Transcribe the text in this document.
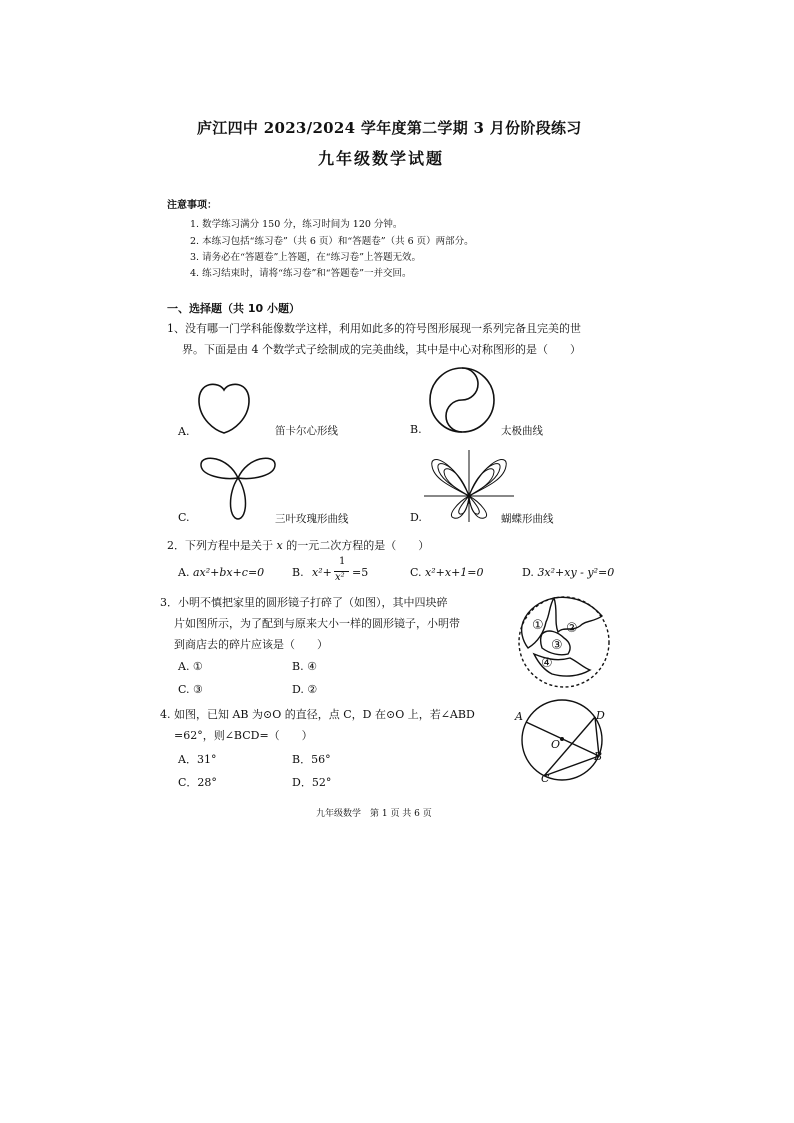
庐江四中 2023/2024 学年度第二学期 3 月份阶段练习
九年级数学试题
注意事项：
1. 数学练习满分 150 分，练习时间为 120 分钟。
2. 本练习包括“练习卷”（共 6 页）和“答题卷”（共 6 页）两部分。
3. 请务必在“答题卷”上答题，在“练习卷”上答题无效。
4. 练习结束时，请将“练习卷”和“答题卷”一并交回。
一、选择题（共 10 小题）
1、没有哪一门学科能像数学这样，利用如此多的符号图形展现一系列完备且完美的世
界。下面是由 4 个数学式子绘制成的完美曲线，其中是中心对称图形的是（　　）
A.	笛卡尔心形线	B.	太极曲线
C.	三叶玫瑰形曲线	D.	蝴蝶形曲线
2．下列方程中是关于 x 的一元二次方程的是（　　）
A. ax²+bx+c=0	B. x²+
1
x² =5	C. x²+x+1=0	D. 3x²+xy - y²=0
3．小明不慎把家里的圆形镜子打碎了（如图），其中四块碎
片如图所示，为了配到与原来大小一样的圆形镜子，小明带
到商店去的碎片应该是（　　）
A. ①	B. ④
C. ③	D. ②
① ②
③
④
4. 如图，已知 AB 为⊙O 的直径，点 C，D 在⊙O 上，若∠ABD
=62°，则∠BCD=（　　）
A．31°	B．56°
C．28°	D．52°
A	D
O
B
C
九年级数学　第 1 页 共 6 页
